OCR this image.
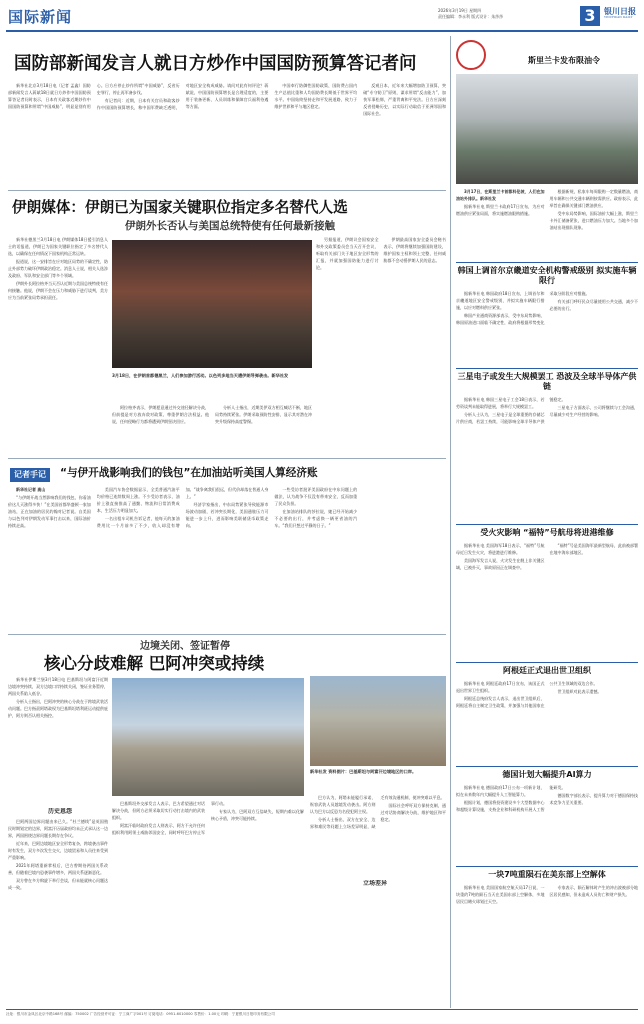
国际新闻	2026年3月19日 星期四
责任编辑：李永利 版式设计：朱莎莎	3	银川日报
YINCHUAN DAILY
国防部新闻发言人就日方炒作中国国防预算答记者问

新华社北京3月18日电（记者 孟鑫）国防部新闻发言人蒋斌18日就日方炒作中国国防预算答记者问时表示，日本有关政客近期炒作中国国防预算和所谓“中国威胁”，明显是别有用心。日方应停止炒作所谓“中国威胁”，反省历史罪行，停止再军备步伐。

有记者问：近期，日本有关官员和政客炒作中国国防预算增长，称中国军费缺乏透明，对地区安全构成威胁。请问对此有何评论？蒋斌说，中国国防预算增长是合理适度的，主要用于装备更新、人员训练和保障官兵福利待遇等方面。

中国奉行防御性国防政策，国防费占国内生产总值比重和人均国防费长期低于世界平均水平。中国始终坚持走和平发展道路，致力于维护世界和平与地区稳定。

反观日本，近年来大幅增加防卫预算，突破“专守防卫”原则，谋求所谓“反击能力”，加快军事松绑，严重背离和平宪法。日方应深刻反省侵略历史，以实际行动取信于亚洲邻国和国际社会。

伊朗媒体：伊朗已为国家关键职位指定多名替代人选
伊朗外长否认与美国总统特使有任何最新接触

新华社德黑兰3月18日电 伊朗媒体18日援引消息人士的话报道，伊朗已为国家关键职位指定了多名替代人选，以确保在任何情况下国家机构正常运转。

报道说，这一安排旨在应对地区局势的不确定性，防止外部势力破坏伊朗政治稳定。消息人士说，相关人选涉及政府、军队和安全部门等多个领域。

伊朗外长阿拉格齐当天否认近期与美国总统特使有任何接触。他说，伊朗不会在压力和威胁下进行谈判，美方应为当前紧张局势承担责任。

3月18日，在伊朗首都德黑兰，人们参加游行活动。以色列多地当天遭伊朗导弹袭击。新华社发

阿拉格齐表示，伊朗愿意通过外交途径解决分歧，但前提是对方放弃敌对政策、尊重伊朗合法权益。他说，任何侵略行为都将遭到伊朗坚决回应。

分析人士指出，近期美伊双方相互喊话不断，地区局势持续紧张。伊朗采取预防性安排，显示其对潜在冲突升级保持高度警惕。

另据报道，伊朗议会国家安全和外交政策委员会当天召开会议，听取有关部门关于地区安全形势的汇报，并就加强国防能力进行讨论。

伊朗最高国家安全委员会秘书表示，伊朗将继续加强国防建设，维护国家主权和领土完整，任何威胁都不会动摇伊朗人民的意志。

记者手记	“与伊开战影响我们的钱包”在加油站听美国人算经济账

新华社记者 高山

“与伊朗开战当然影响我们的钱包，你看油价这几天涨得多快！”在美国首都华盛顿一家加油站，正在加油的居民约翰对记者说。自美国与以色列对伊朗发动军事打击以来，国际油价持续走高。

美国汽车协会数据显示，全美普通汽油平均价格已连续数周上涨。不少受访者表示，油价上涨直接推高了通勤、物流和日常消费成本，生活压力明显加大。

一名出租车司机告诉记者，他每天的加油费用比一个月前多了不少，收入却没有增加。“战争离我们很远，但代价却落在普通人身上。”

经济学家指出，中东局势紧张导致能源市场波动加剧，若冲突长期化，美国通胀压力可能进一步上升，进而影响美联储货币政策走向。

一些受访者批评美国政府在中东问题上的做法，认为战争不仅没有带来安全，反而加重了民众负担。

在加油站排队的莎拉说，她已经开始减少不必要的出行，并考虑换一辆更省油的汽车。“我们只想过平静的日子。”

边境关闭、签证暂停
核心分歧难解 巴阿冲突或持续

新华社伊斯兰堡3月18日电 巴基斯坦与阿富汗近期边境冲突持续，双方边境口岸持续关闭，签证业务暂停，两国关系陷入低谷。

分析人士指出，巴阿冲突的核心分歧在于跨境武装活动问题。巴方指责阿塔政权为巴基斯坦塔利班运动提供庇护，阿方则否认相关指控。

历史恩怨

巴阿两国边界问题由来已久。“杜兰德线”是英国殖民时期划定的边界，阿富汗历届政府均未正式承认这一边界，两国围绕边界问题长期存在争议。

近年来，巴阿边境地区安全形势复杂，跨境袭击事件时有发生，双方多次发生交火，边境贸易和人员往来受到严重影响。

2021年阿塔重新掌权后，巴方曾期待两国关系改善，但随着巴境内恐袭事件增多，两国关系逐渐恶化。

双方曾在多方斡旋下举行会谈，但未能就核心问题达成一致。

巴基斯坦外交部发言人表示，巴方希望通过对话解决分歧，但阿方必须采取切实行动打击境内的武装组织。

阿富汗临时政府发言人则表示，阿方不允许任何组织利用阿领土威胁邻国安全，同时呼吁巴方停止军事行动。

专家认为，巴阿双方互信缺失，短期内难以化解核心矛盾，冲突可能持续。

新华社发 资料图片：巴基斯坦与阿富汗边境地区的口岸。
立场差异

巴方认为，阿塔未能履行承诺，纵容武装人员越境发动袭击。阿方则认为巴方以反恐为名侵犯阿主权。

分析人士指出，双方在安全、边界和难民等问题上立场差异明显，缺乏有效沟通机制，使冲突难以平息。

国际社会呼吁双方保持克制，通过对话协商解决分歧，维护地区和平稳定。

斯里兰卡发布限油令

3月17日，在斯里兰卡首都科伦坡，人们在加油站外排队。新华社发

据新华社电 斯里兰卡政府17日宣布，为应对燃油供应紧张局面，将实施燃油限购措施。

根据新规，私家车每周限购一定数量燃油，商用车辆和公共交通车辆则按需供应。政府表示，此举旨在确保关键部门燃油供应。

受中东局势影响，国际油价大幅上涨，斯里兰卡外汇储备紧张，进口燃油压力加大。当地多个加油站出现排队现象。

韩国上调首尔京畿道安全机构警戒级别 拟实施车辆限行

据新华社电 韩国政府18日宣布，上调首尔和京畿道地区安全警戒级别，并拟实施车辆限行措施，以应对燃料供应紧张。

韩国产业通商资源部表示，受中东局势影响，韩国原油进口面临不确定性，政府将根据形势变化采取分阶段应对措施。

有关部门呼吁民众尽量使用公共交通，减少不必要的出行。

三星电子或发生大规模罢工 恐波及全球半导体产供链

据新华社电 韩国三星电子工会18日表示，若劳资谈判未能取得进展，将举行大规模罢工。

分析人士认为，三星电子是全球重要的存储芯片供应商，若罢工持续，可能影响全球半导体产供链稳定。

三星电子方面表示，公司将继续与工会沟通，尽量减少对生产经营的影响。

受火灾影响 “福特”号航母将进港维修

据新华社电 美国海军18日表示，“福特”号航母近日发生火灾，将进港进行维修。

美国海军发言人说，火灾发生在舰上非关键区域，已被扑灭，事故原因正在调查中。

“福特”号是美国海军最新型航母，此前被部署在地中海东部地区。

阿根廷正式退出世卫组织

据新华社电 阿根廷政府17日宣布，该国正式退出世界卫生组织。

阿根廷总统府发言人表示，退出世卫组织后，阿根廷将自主制定卫生政策，并加强与其他国家在公共卫生领域的双边合作。

世卫组织对此表示遗憾。

德国计划大幅提升AI算力

据新华社电 德国政府17日公布一项新计划，拟在未来数年内大幅提升人工智能算力。

根据计划，德国将投资建设多个大型数据中心和超级计算设施，支持企业和科研机构开展人工智能研发。

德国数字部长表示，提升算力对于德国保持技术竞争力至关重要。

一块7吨重陨石在美东部上空解体

据新华社电 美国国家航空航天局17日说，一块重约7吨的陨石当天在美国东部上空解体，多地居民目睹火球划过天空。

专家表示，陨石解体时产生的冲击波被部分地区居民感知，但未造成人员伤亡和财产损失。

社址：银川市金凤区北京中路168号 邮编：750002 广告经营许可证：宁工商广字001号 订阅电话：0951-6010000 零售价：1.00元 印刷：宁夏银川日报印务有限公司
